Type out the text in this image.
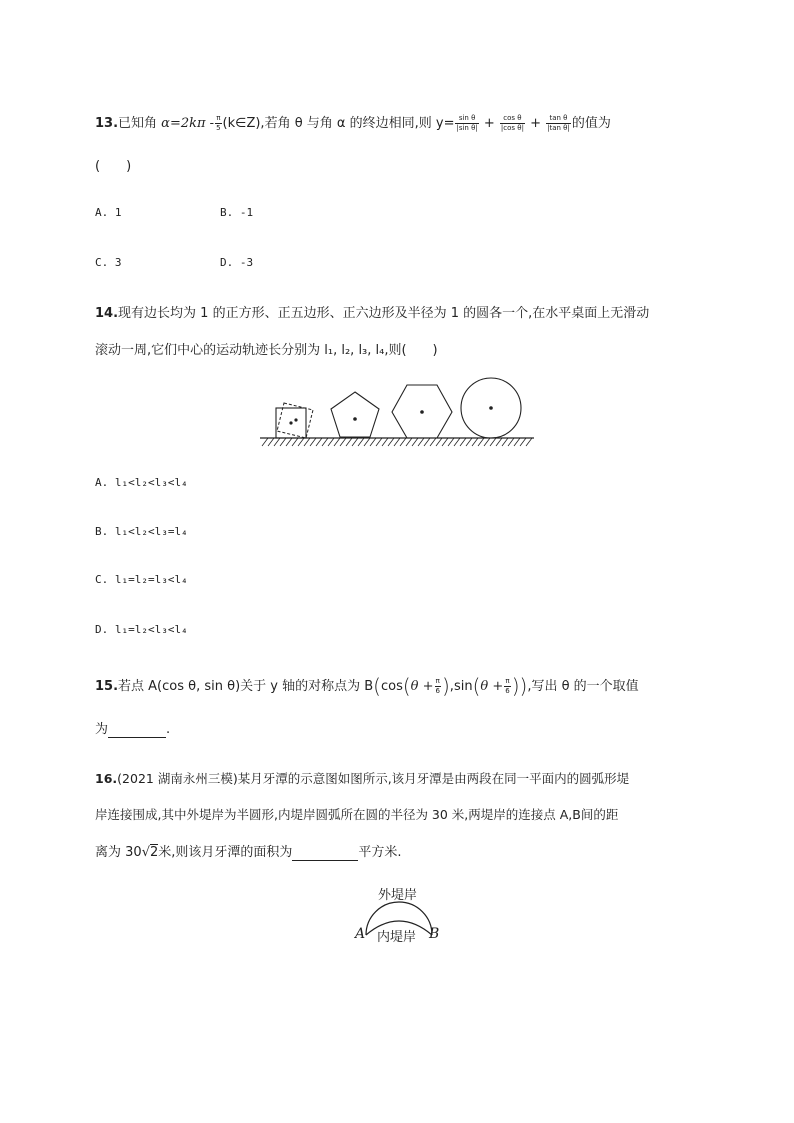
13.已知角 $\alpha=2k\pi - \frac{\pi}{5}$ (k∈Z),若角 θ 与角 α 的终边相同,则 $y= \frac{\text{sin θ}}{\text{|sin θ|}} + \frac{\text{cos θ}}{\text{|cos θ|}} + \frac{\text{tan θ}}{\text{|tan θ|}}$ 的值为
(　　)
A. 1	B. -1
C. 3	D. -3
14.现有边长均为 1 的正方形、正五边形、正六边形及半径为 1 的圆各一个,在水平桌面上无滑动
滚动一周,它们中心的运动轨迹长分别为 l₁, l₂, l₃, l₄,则(　　)
A. l₁<l₂<l₃<l₄
B. l₁<l₂<l₃=l₄
C. l₁=l₂=l₃<l₄
D. l₁=l₂<l₃<l₄
15.若点 A(cos θ, sin θ)关于 y 轴的对称点为 $B(\cos(\theta + \frac{\pi}{6} ),\sin(\theta + \frac{\pi}{6}$ )),写出 θ 的一个取值
为	.
16.(2021 湖南永州三模)某月牙潭的示意图如图所示,该月牙潭是由两段在同一平面内的圆弧形堤
岸连接围成,其中外堤岸为半圆形,内堤岸圆弧所在圆的半径为 30 米,两堤岸的连接点 A,B间的距
离为 30√2米,则该月牙潭的面积为	平方米.
外堤岸
内堤岸
A	B
